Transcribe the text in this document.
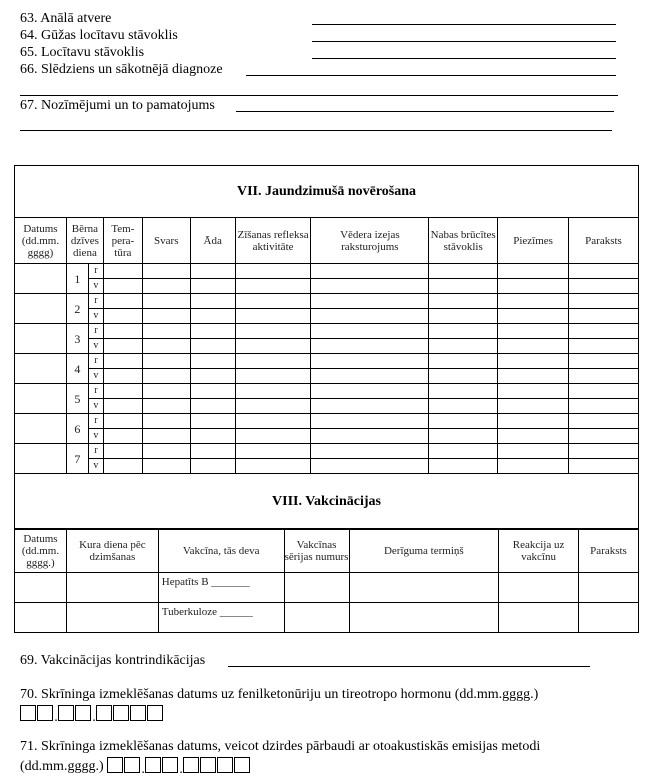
63. Anālā atvere
64. Gūžas locītavu stāvoklis
65. Locītavu stāvoklis
66. Slēdziens un sākotnējā diagnoze
67. Nozīmējumi un to pamatojums
VII. Jaundzimušā novērošana										
Datums (dd.mm. gggg)	Bērna dzīves diena		Tem-pera-tūra	Svars	Āda	Zīšanas refleksa aktivitāte	Vēdera izejas raksturojums	Nabas brūcītes stāvoklis	Piezīmes	Paraksts
	1	r								
		v								
	2	r								
		v								
	3	r								
		v								
	4	r								
		v								
	5	r								
		v								
	6	r								
		v								
	7	r								
		v								
VIII. Vakcinācijas										
Datums (dd.mm. gggg.)	Kura diena pēc dzimšanas	Vakcīna, tās deva	Vakcīnas sērijas numurs	Derīguma termiņš	Reakcija uz vakcīnu	Paraksts
		Hepatīts B _______				
		Tuberkuloze ______				
69. Vakcinācijas kontrindikācijas
70. Skrīninga izmeklēšanas datums uz fenilketonūriju un tireotropo hormonu (dd.mm.gggg.)
. .
71. Skrīninga izmeklēšanas datums, veicot dzirdes pārbaudi ar otoakustiskās emisijas metodi
(dd.mm.gggg.)	. .
